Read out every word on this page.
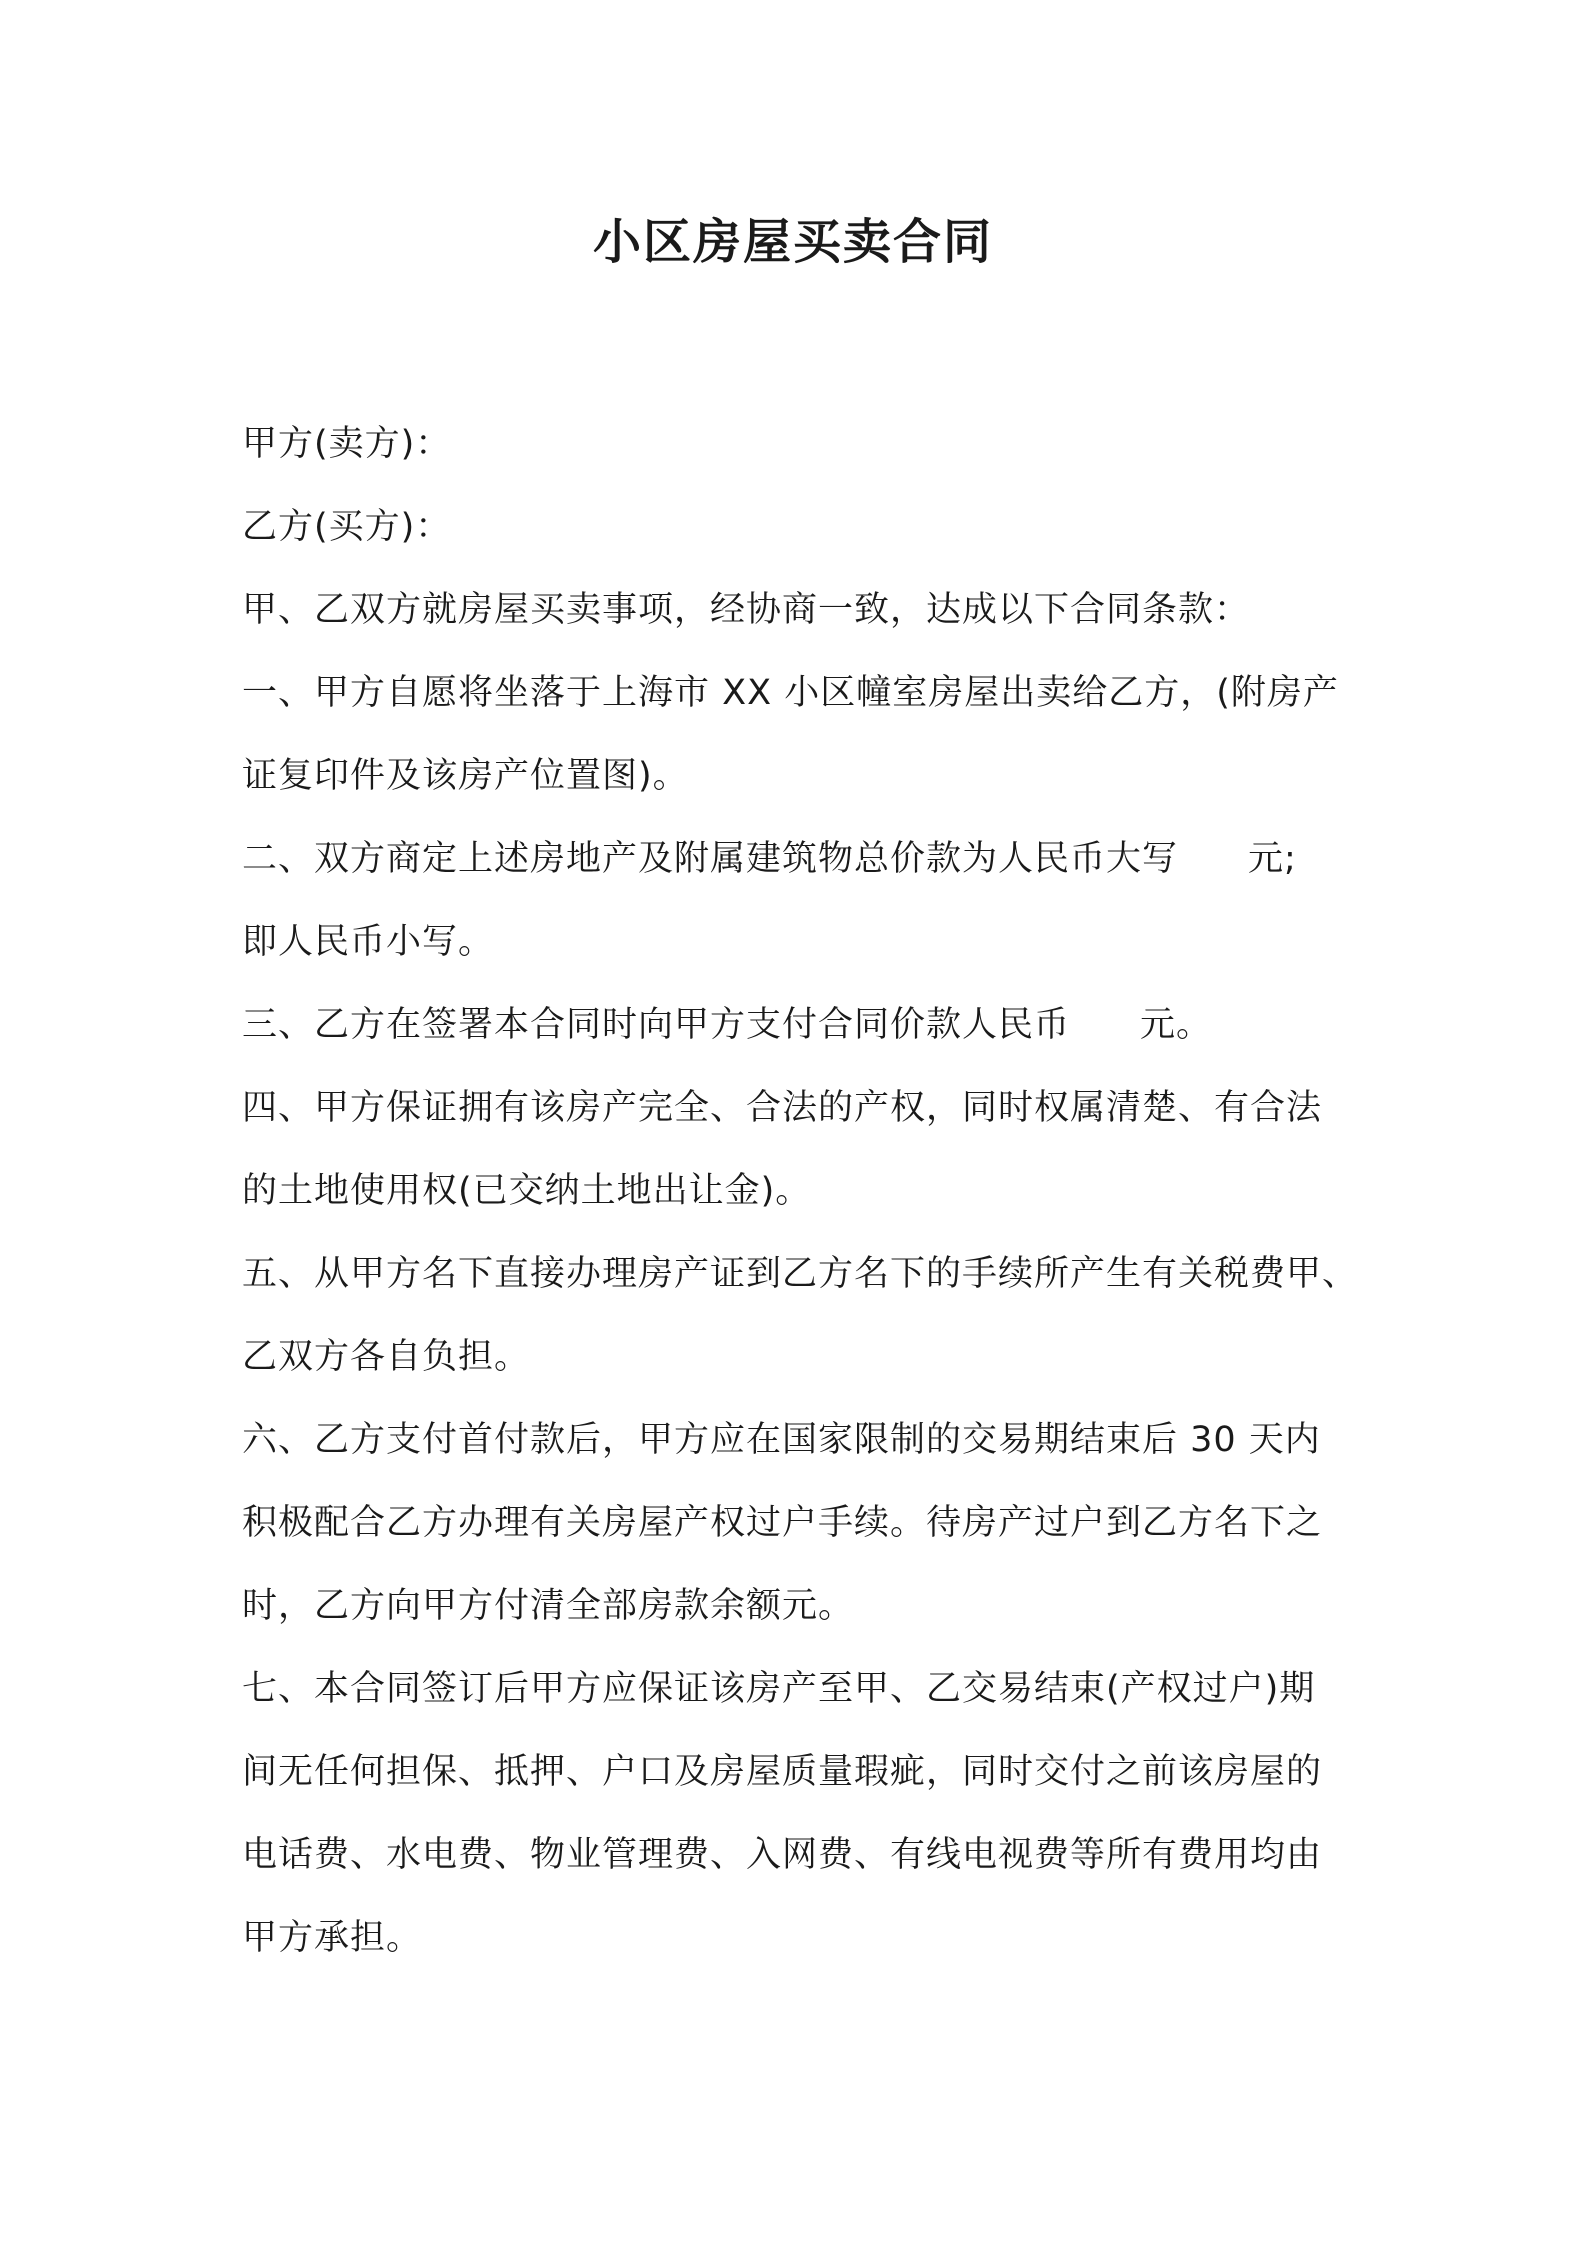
小区房屋买卖合同

甲方(卖方)：

乙方(买方)：

甲、乙双方就房屋买卖事项，经协商一致，达成以下合同条款：

一、甲方自愿将坐落于上海市 XX 小区幢室房屋出卖给乙方，(附房产

证复印件及该房产位置图)。

二、双方商定上述房地产及附属建筑物总价款为人民币大写 元;

即人民币小写。

三、乙方在签署本合同时向甲方支付合同价款人民币 元。

四、甲方保证拥有该房产完全、合法的产权，同时权属清楚、有合法

的土地使用权(已交纳土地出让金)。

五、从甲方名下直接办理房产证到乙方名下的手续所产生有关税费甲、

乙双方各自负担。

六、乙方支付首付款后，甲方应在国家限制的交易期结束后 30 天内

积极配合乙方办理有关房屋产权过户手续。待房产过户到乙方名下之

时，乙方向甲方付清全部房款余额元。

七、本合同签订后甲方应保证该房产至甲、乙交易结束(产权过户)期

间无任何担保、抵押、户口及房屋质量瑕疵，同时交付之前该房屋的

电话费、水电费、物业管理费、入网费、有线电视费等所有费用均由

甲方承担。
